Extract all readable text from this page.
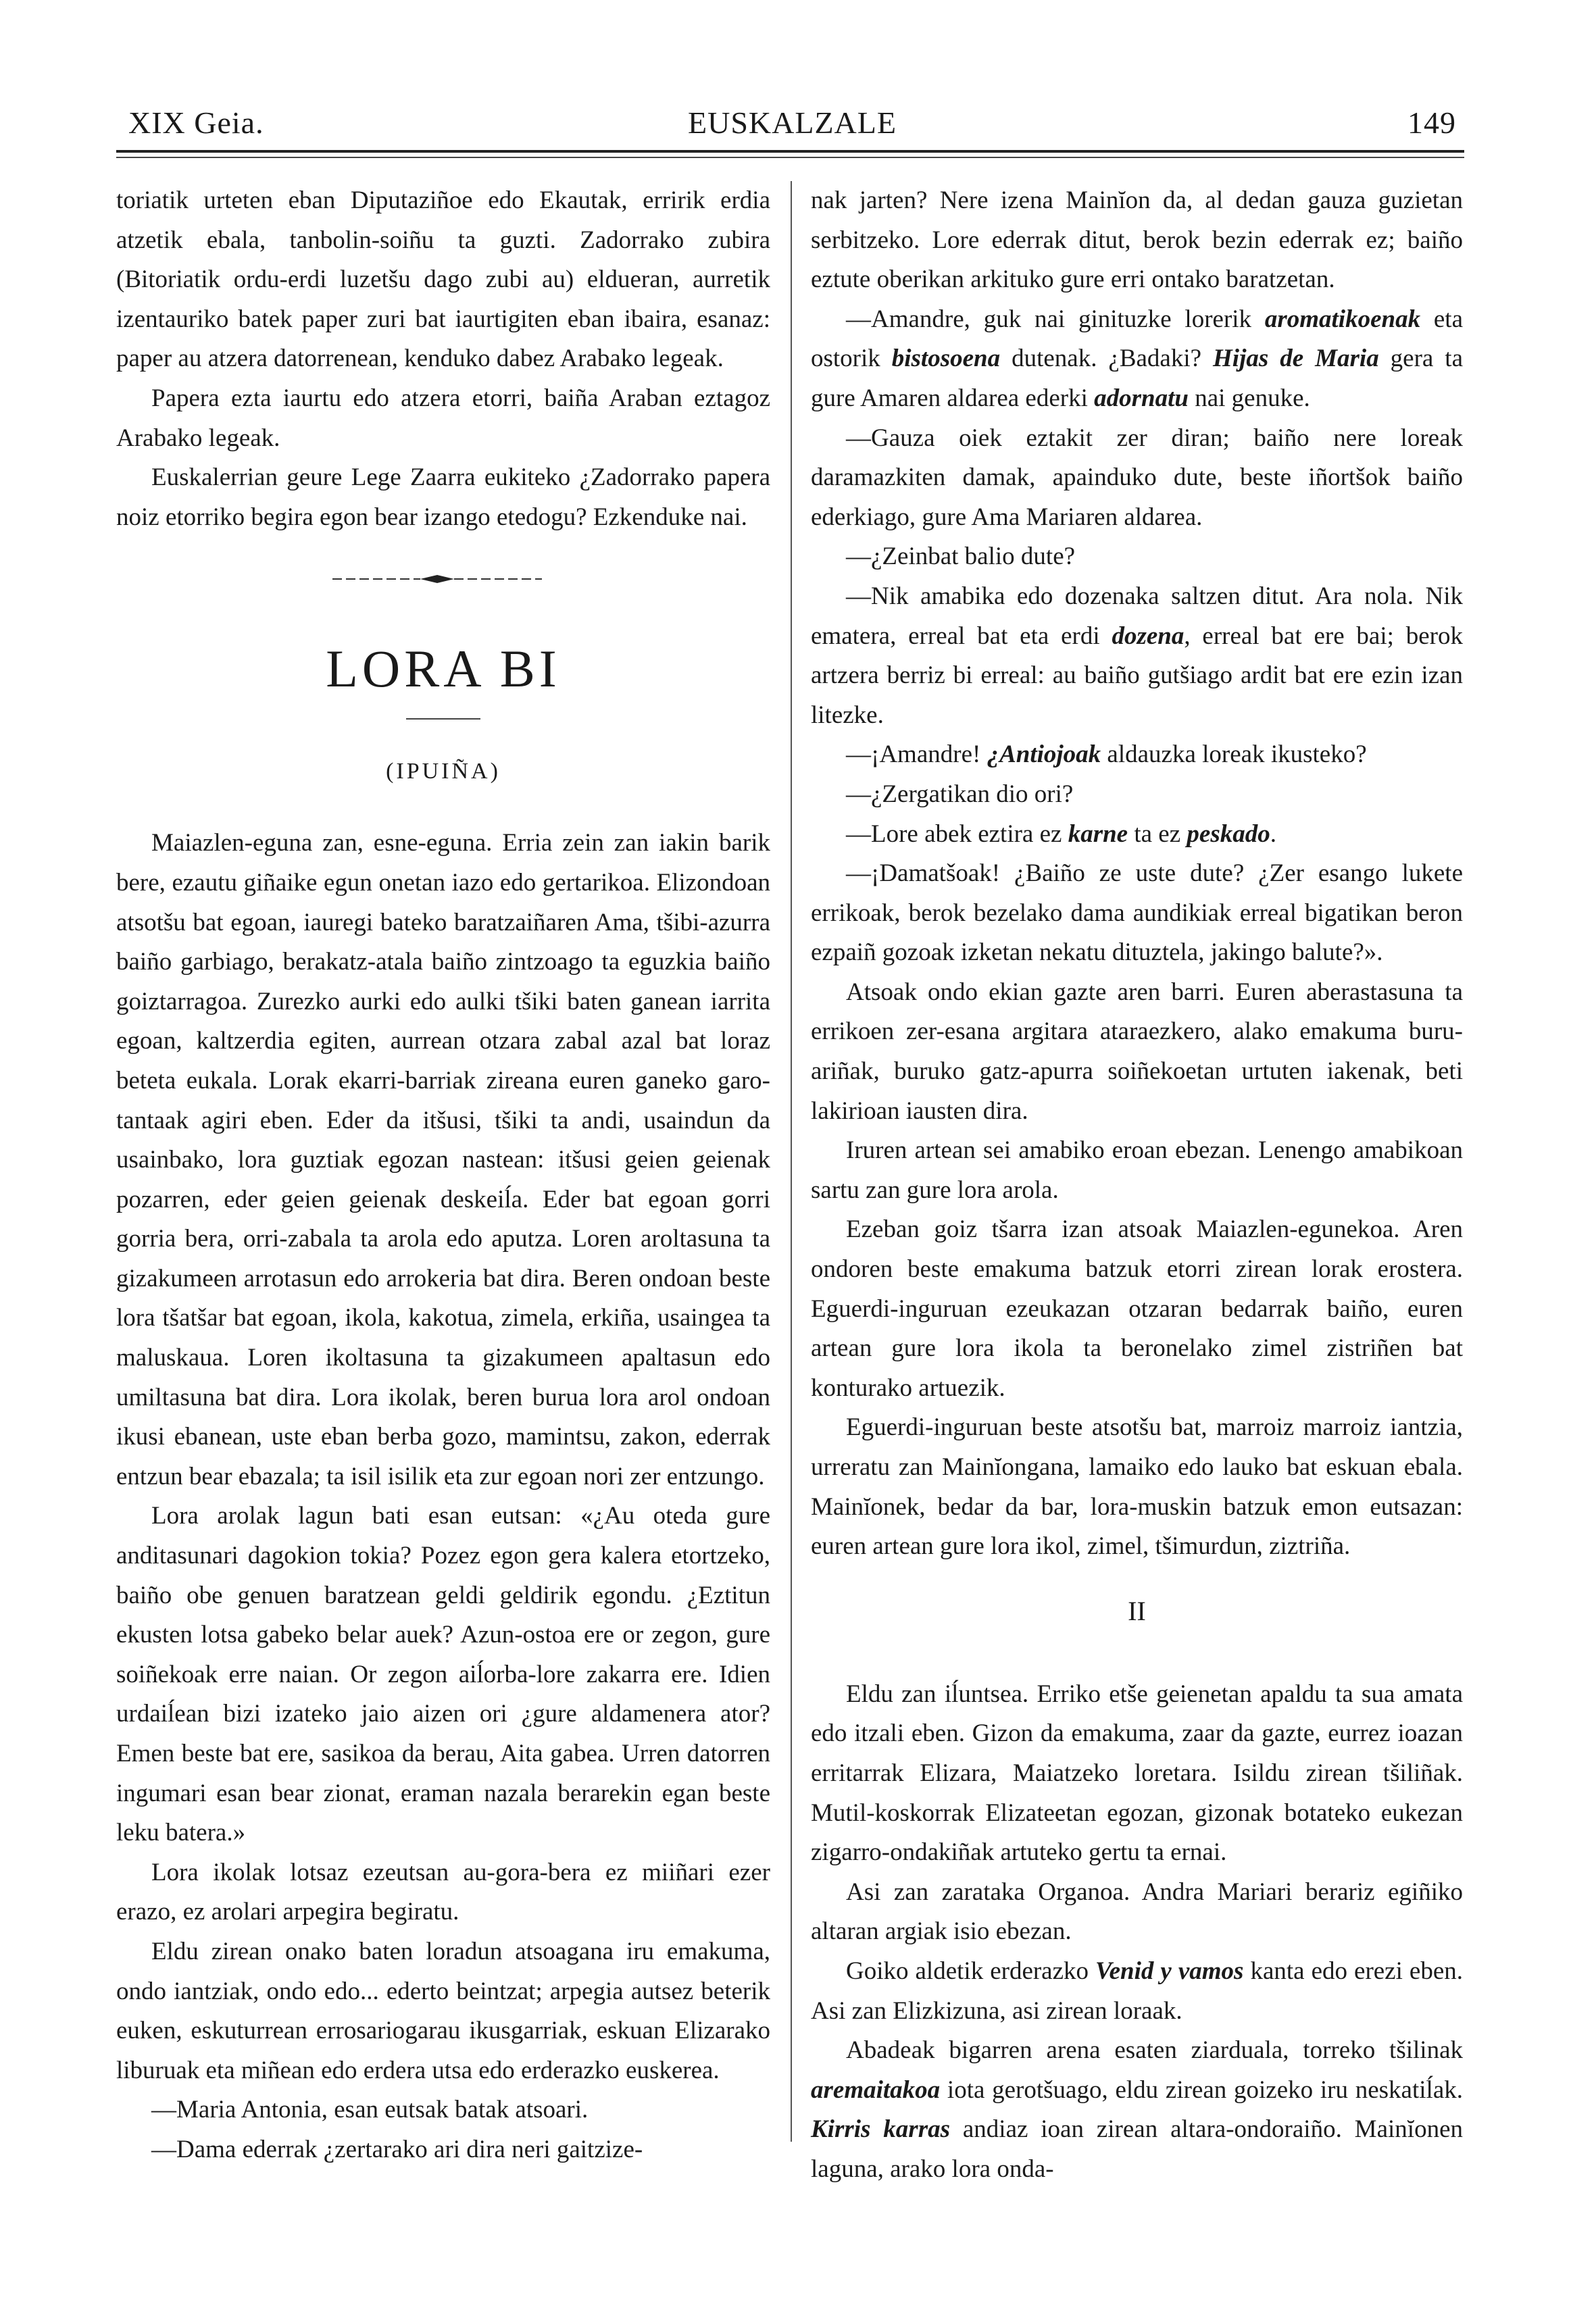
XIX Geia.	EUSKALZALE	149

toriatik urteten eban Diputaziñoe edo Ekautak, erririk erdia atzetik ebala, tanbolin-soiñu ta guzti. Zadorrako zubira (Bitoriatik ordu-erdi luzetšu dago zubi au) eldueran, aurretik izentauriko batek paper zuri bat iaurtigiten eban ibaira, esanaz: paper au atzera datorrenean, kenduko dabez Arabako legeak.

Papera ezta iaurtu edo atzera etorri, baiña Araban eztagoz Arabako legeak.

Euskalerrian geure Lege Zaarra eukiteko ¿Zadorrako papera noiz etorriko begira egon bear izango etedogu? Ezkenduke nai.

LORA BI
(IPUIÑA)

Maiazlen-eguna zan, esne-eguna. Erria zein zan iakin barik bere, ezautu giñaike egun onetan iazo edo gertarikoa. Elizondoan atsotšu bat egoan, iauregi bateko baratzaiñaren Ama, tšibi-azurra baiño garbiago, berakatz-atala baiño zintzoago ta eguzkia baiño goiztarragoa. Zurezko aurki edo aulki tšiki baten ganean iarrita egoan, kaltzerdia egiten, aurrean otzara zabal azal bat loraz beteta eukala. Lorak ekarri-barriak zireana euren ganeko garo-tantaak agiri eben. Eder da itšusi, tšiki ta andi, usaindun da usainbako, lora guztiak egozan nastean: itšusi geien geienak pozarren, eder geien geienak deskeiĺa. Eder bat egoan gorri gorria bera, orri-zabala ta arola edo aputza. Loren aroltasuna ta gizakumeen arrotasun edo arrokeria bat dira. Beren ondoan beste lora tšatšar bat egoan, ikola, kakotua, zimela, erkiña, usaingea ta maluskaua. Loren ikoltasuna ta gizakumeen apaltasun edo umiltasuna bat dira. Lora ikolak, beren burua lora arol ondoan ikusi ebanean, uste eban berba gozo, mamintsu, zakon, ederrak entzun bear ebazala; ta isil isilik eta zur egoan nori zer entzungo.

Lora arolak lagun bati esan eutsan: «¿Au oteda gure anditasunari dagokion tokia? Pozez egon gera kalera etortzeko, baiño obe genuen baratzean geldi geldirik egondu. ¿Eztitun ekusten lotsa gabeko belar auek? Azun-ostoa ere or zegon, gure soiñekoak erre naian. Or zegon aiĺorba-lore zakarra ere. Idien urdaiĺean bizi izateko jaio aizen ori ¿gure aldamenera ator? Emen beste bat ere, sasikoa da berau, Aita gabea. Urren datorren ingumari esan bear zionat, eraman nazala berarekin egan beste leku batera.»

Lora ikolak lotsaz ezeutsan au-gora-bera ez miiñari ezer erazo, ez arolari arpegira begiratu.

Eldu zirean onako baten loradun atsoagana iru emakuma, ondo iantziak, ondo edo... ederto beintzat; arpegia autsez beterik euken, eskuturrean errosariogarau ikusgarriak, eskuan Elizarako liburuak eta miñean edo erdera utsa edo erderazko euskerea.

—Maria Antonia, esan eutsak batak atsoari.

—Dama ederrak ¿zertarako ari dira neri gaitzize-

nak jarten? Nere izena Mainĭon da, al dedan gauza guzietan serbitzeko. Lore ederrak ditut, berok bezin ederrak ez; baiño eztute oberikan arkituko gure erri ontako baratzetan.

—Amandre, guk nai ginituzke lorerik aromatikoenak eta ostorik bistosoena dutenak. ¿Badaki? Hijas de Maria gera ta gure Amaren aldarea ederki adornatu nai genuke.

—Gauza oiek eztakit zer diran; baiño nere loreak daramazkiten damak, apainduko dute, beste iñortšok baiño ederkiago, gure Ama Mariaren aldarea.

—¿Zeinbat balio dute?

—Nik amabika edo dozenaka saltzen ditut. Ara nola. Nik ematera, erreal bat eta erdi dozena, erreal bat ere bai; berok artzera berriz bi erreal: au baiño gutšiago ardit bat ere ezin izan litezke.

—¡Amandre! ¿Antiojoak aldauzka loreak ikusteko?

—¿Zergatikan dio ori?

—Lore abek eztira ez karne ta ez peskado.

—¡Damatšoak! ¿Baiño ze uste dute? ¿Zer esango lukete errikoak, berok bezelako dama aundikiak erreal bigatikan beron ezpaiñ gozoak izketan nekatu dituztela, jakingo balute?».

Atsoak ondo ekian gazte aren barri. Euren aberastasuna ta errikoen zer-esana argitara ataraezkero, alako emakuma buru-ariñak, buruko gatz-apurra soiñekoetan urtuten iakenak, beti lakirioan iausten dira.

Iruren artean sei amabiko eroan ebezan. Lenengo amabikoan sartu zan gure lora arola.

Ezeban goiz tšarra izan atsoak Maiazlen-egunekoa. Aren ondoren beste emakuma batzuk etorri zirean lorak erostera. Eguerdi-inguruan ezeukazan otzaran bedarrak baiño, euren artean gure lora ikola ta beronelako zimel zistriñen bat konturako artuezik.

Eguerdi-inguruan beste atsotšu bat, marroiz marroiz iantzia, urreratu zan Mainĭongana, lamaiko edo lauko bat eskuan ebala. Mainĭonek, bedar da bar, lora-muskin batzuk emon eutsazan: euren artean gure lora ikol, zimel, tšimurdun, ziztriña.

II

Eldu zan iĺuntsea. Erriko etše geienetan apaldu ta sua amata edo itzali eben. Gizon da emakuma, zaar da gazte, eurrez ioazan erritarrak Elizara, Maiatzeko loretara. Isildu zirean tšiliñak. Mutil-koskorrak Elizateetan egozan, gizonak botateko eukezan zigarro-ondakiñak artuteko gertu ta ernai.

Asi zan zarataka Organoa. Andra Mariari berariz egiñiko altaran argiak isio ebezan.

Goiko aldetik erderazko Venid y vamos kanta edo erezi eben. Asi zan Elizkizuna, asi zirean loraak.

Abadeak bigarren arena esaten ziarduala, torreko tšilinak aremaitakoa iota gerotšuago, eldu zirean goizeko iru neskatiĺak. Kirris karras andiaz ioan zirean altara-ondoraiño. Mainĭonen laguna, arako lora onda-
